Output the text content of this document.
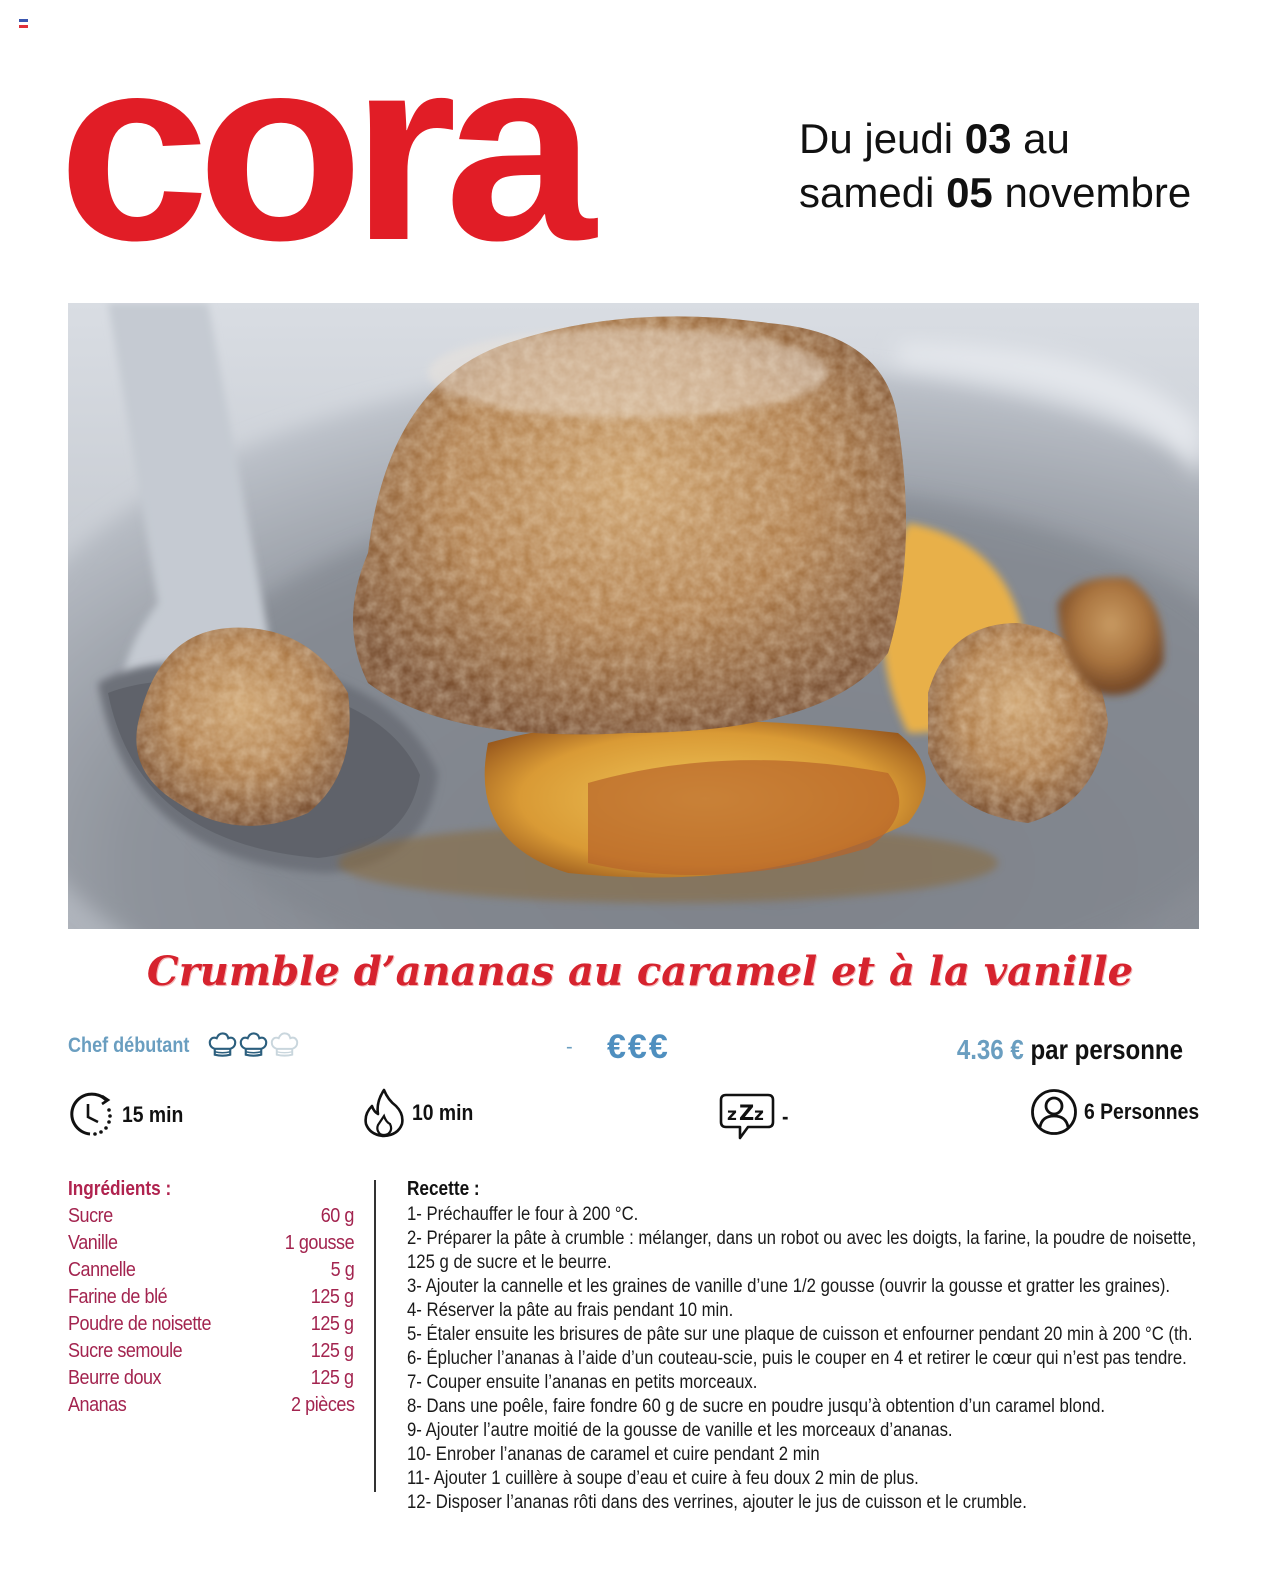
cora	Du jeudi 03 au
samedi 05 novembre
Crumble d’ananas au caramel et à la vanille
Chef débutant	- €€€	4.36 € par personne
15 min	10 min	z Z z -	6 Personnes
Ingrédients :
Sucre	60 g
Vanille	1 gousse
Cannelle	5 g
Farine de blé	125 g
Poudre de noisette	125 g
Sucre semoule	125 g
Beurre doux	125 g
Ananas	2 pièces
Recette :
1- Préchauffer le four à 200 °C.
2- Préparer la pâte à crumble : mélanger, dans un robot ou avec les doigts, la farine, la poudre de noisette, 125 g de sucre et le beurre.
3- Ajouter la cannelle et les graines de vanille d’une 1/2 gousse (ouvrir la gousse et gratter les graines).
4- Réserver la pâte au frais pendant 10 min.
5- Étaler ensuite les brisures de pâte sur une plaque de cuisson et enfourner pendant 20 min à 200 °C (th.
6- Éplucher l’ananas à l’aide d’un couteau-scie, puis le couper en 4 et retirer le cœur qui n’est pas tendre.
7- Couper ensuite l’ananas en petits morceaux.
8- Dans une poêle, faire fondre 60 g de sucre en poudre jusqu’à obtention d’un caramel blond.
9- Ajouter l’autre moitié de la gousse de vanille et les morceaux d’ananas.
10- Enrober l’ananas de caramel et cuire pendant 2 min
11- Ajouter 1 cuillère à soupe d’eau et cuire à feu doux 2 min de plus.
12- Disposer l’ananas rôti dans des verrines, ajouter le jus de cuisson et le crumble.
